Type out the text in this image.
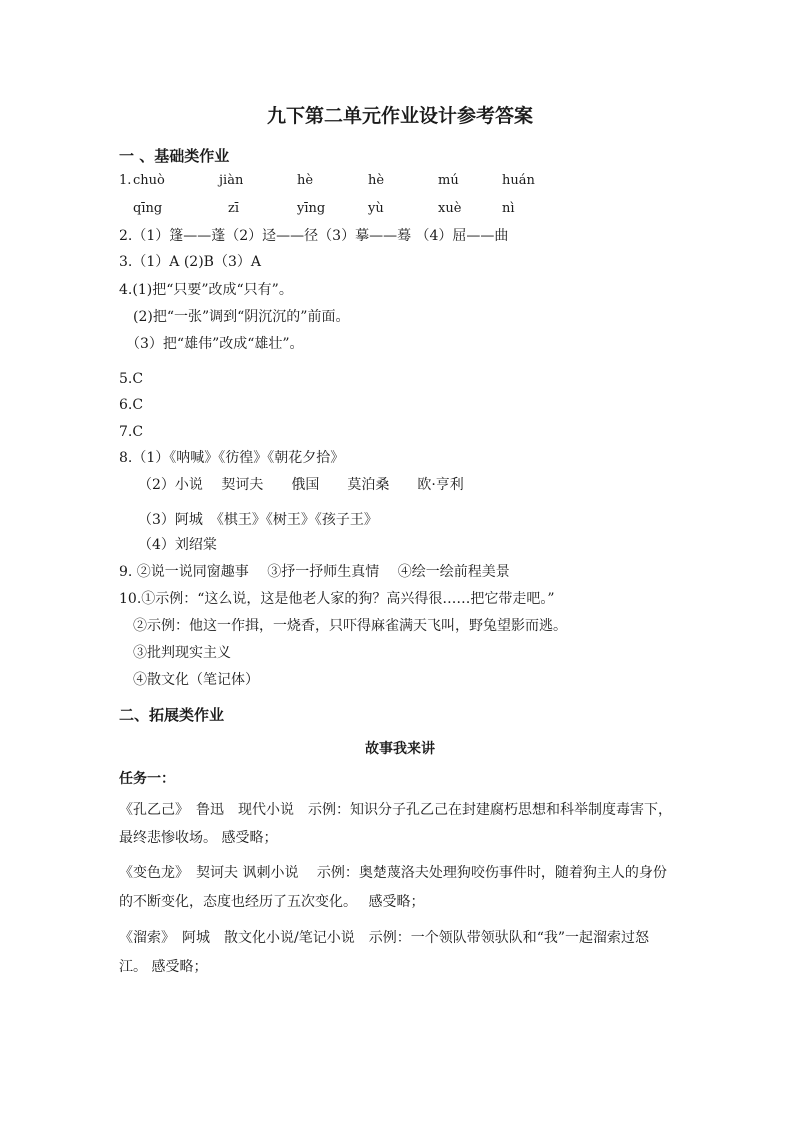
九下第二单元作业设计参考答案
一 、基础类作业
1. chuò	jiàn	hè	hè	mú	huán
qīng	zī	yīng	yù	xuè	nì
2.（1）篷——蓬（2）迳——径（3）摹——蓦 （4）屈——曲
3.（1）A (2)B（3）A
4.(1)把“只要”改成“只有”。
(2)把“一张”调到“阴沉沉的”前面。
（3）把“雄伟”改成“雄壮”。
5.C
6.C
7.C
8.（1）《呐喊》《彷徨》《朝花夕拾》
（2）小说　 契诃夫　　俄国　　莫泊桑　　欧·亨利
（3）阿城　《棋王》《树王》《孩子王》
（4）刘绍棠
9. ②说一说同窗趣事　 ③抒一抒师生真情　 ④绘一绘前程美景
10.①示例：“这么说，这是他老人家的狗？高兴得很……把它带走吧。”
②示例：他这一作揖，一烧香，只吓得麻雀满天飞叫，野兔望影而逃。
③批判现实主义
④散文化（笔记体）
二、拓展类作业
故事我来讲
任务一：
《孔乙己》　鲁迅　现代小说　示例：知识分子孔乙己在封建腐朽思想和科举制度毒害下，
最终悲惨收场。 感受略；
《变色龙》　契诃夫 讽刺小说　 示例：奥楚蔑洛夫处理狗咬伤事件时，随着狗主人的身份
的不断变化，态度也经历了五次变化。　 感受略；
《溜索》　阿城　散文化小说/笔记小说　示例：一个领队带领驮队和“我”一起溜索过怒
江。 感受略；
